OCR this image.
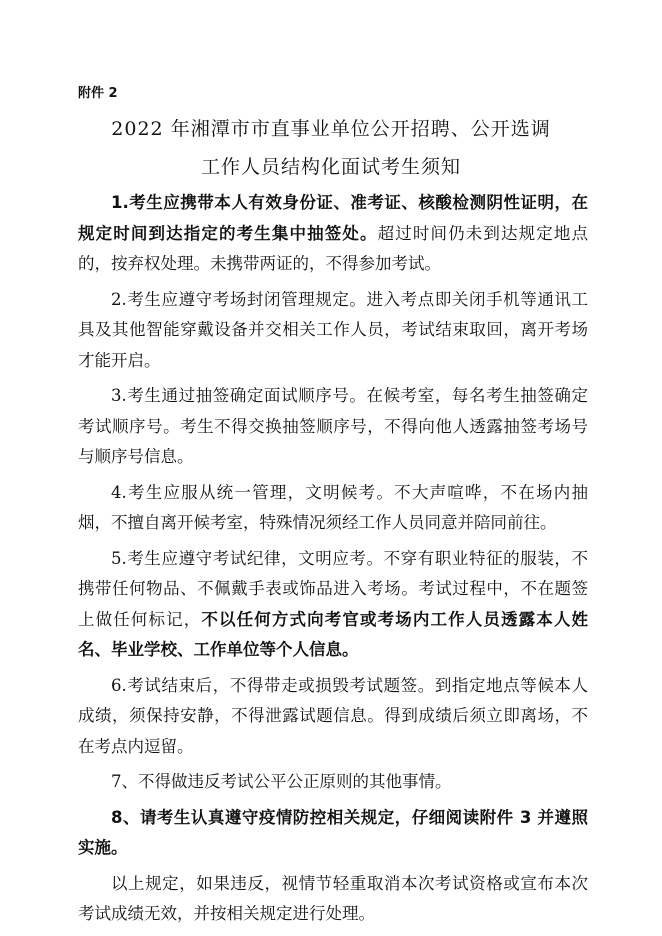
附件 2
2022 年湘潭市市直事业单位公开招聘、公开选调
工作人员结构化面试考生须知

1.考生应携带本人有效身份证、准考证、核酸检测阴性证明，在规定时间到达指定的考生集中抽签处。超过时间仍未到达规定地点的，按弃权处理。未携带两证的，不得参加考试。

2.考生应遵守考场封闭管理规定。进入考点即关闭手机等通讯工具及其他智能穿戴设备并交相关工作人员，考试结束取回，离开考场才能开启。

3.考生通过抽签确定面试顺序号。在候考室，每名考生抽签确定考试顺序号。考生不得交换抽签顺序号，不得向他人透露抽签考场号与顺序号信息。

4.考生应服从统一管理，文明候考。不大声喧哗，不在场内抽烟，不擅自离开候考室，特殊情况须经工作人员同意并陪同前往。

5.考生应遵守考试纪律，文明应考。不穿有职业特征的服装，不携带任何物品、不佩戴手表或饰品进入考场。考试过程中，不在题签上做任何标记，不以任何方式向考官或考场内工作人员透露本人姓名、毕业学校、工作单位等个人信息。

6.考试结束后，不得带走或损毁考试题签。到指定地点等候本人成绩，须保持安静，不得泄露试题信息。得到成绩后须立即离场，不在考点内逗留。

7、不得做违反考试公平公正原则的其他事情。

8、请考生认真遵守疫情防控相关规定，仔细阅读附件 3 并遵照实施。

以上规定，如果违反，视情节轻重取消本次考试资格或宣布本次考试成绩无效，并按相关规定进行处理。
